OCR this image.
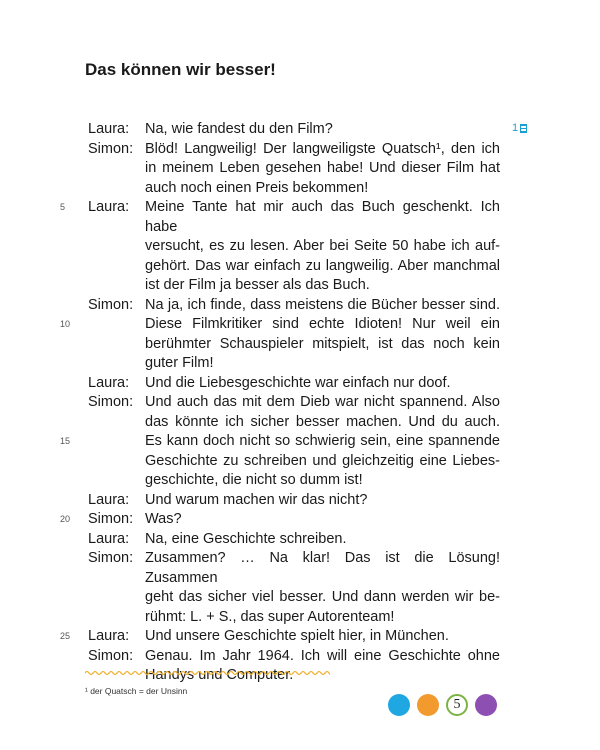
Das können wir besser!
1
Laura:	Na, wie fandest du den Film?
Simon: Blöd! Langweilig! Der langweiligste Quatsch¹, den ich
in meinem Leben gesehen habe! Und dieser Film hat
auch noch einen Preis bekommen!
5	Laura:	Meine Tante hat mir auch das Buch geschenkt. Ich habe
versucht, es zu lesen. Aber bei Seite 50 habe ich auf-
gehört. Das war einfach zu langweilig. Aber manchmal
ist der Film ja besser als das Buch.
10
Simon: Na ja, ich finde, dass meistens die Bücher besser sind.
Diese Filmkritiker sind echte Idioten! Nur weil ein
berühmter Schauspieler mitspielt, ist das noch kein
guter Film!
Laura:	Und die Liebesgeschichte war einfach nur doof.
15
Simon: Und auch das mit dem Dieb war nicht spannend. Also
das könnte ich sicher besser machen. Und du auch.
Es kann doch nicht so schwierig sein, eine spannende
Geschichte zu schreiben und gleichzeitig eine Liebes-
geschichte, die nicht so dumm ist!
Laura:	Und warum machen wir das nicht?
20	Simon: Was?
Laura:	Na, eine Geschichte schreiben.
Simon: Zusammen? … Na klar! Das ist die Lösung! Zusammen
geht das sicher viel besser. Und dann werden wir be-
rühmt: L. + S., das super Autorenteam!
25	Laura:	Und unsere Geschichte spielt hier, in München.
Simon: Genau. Im Jahr 1964. Ich will eine Geschichte ohne
Handys und Computer.
¹ der Quatsch = der Unsinn
5
